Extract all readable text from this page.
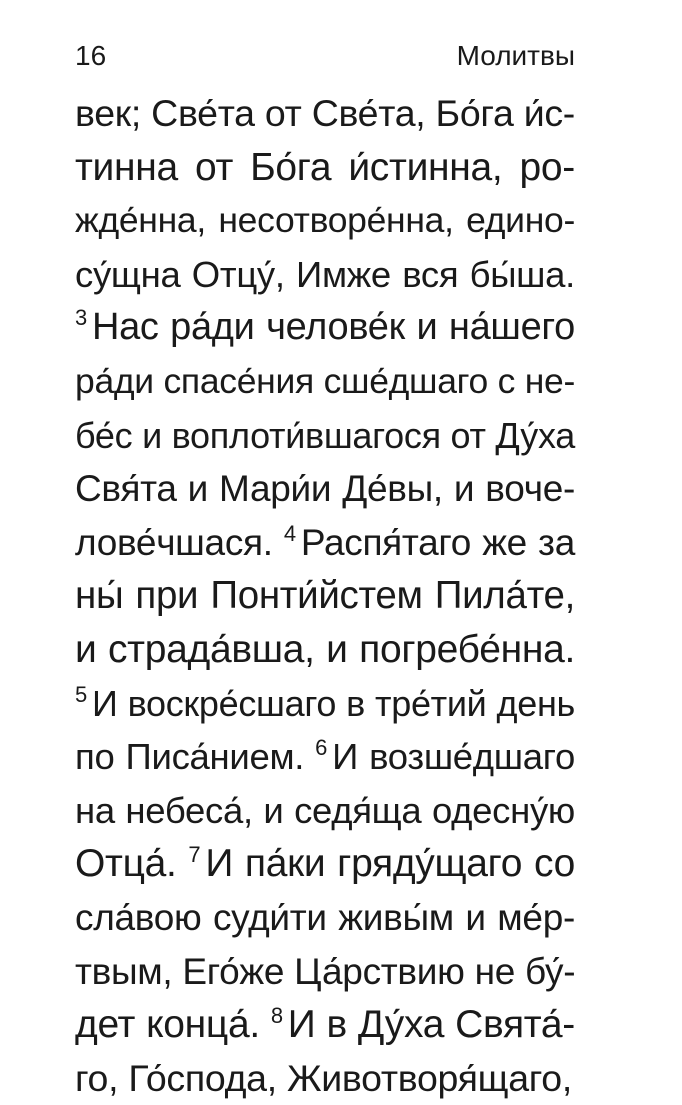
16	Молитвы
век; Све́та от Све́та, Бо́га и́с-
тинна от Бо́га и́стинна, ро-
жде́нна, несотворе́нна, едино-
су́щна Отцу́, Имже вся бы́ша.
$^3$ Нас ра́ди челове́к и на́шего
ра́ди спасе́ния сше́дшаго с не-
бе́с и воплоти́вшагося от Ду́ха
Свя́та и Мари́и Де́вы, и воче-
лове́чшася. $^4$ Распя́таго же за
ны́ при Понти́йстем Пила́те,
и страда́вша, и погребе́нна.
$^5$ И воскре́сшаго в тре́тий день
по Писа́нием. $^6$ И возше́дшаго
на небеса́, и седя́ща одесну́ю
Отца́. $^7$ И па́ки гряду́щаго со
сла́вою суди́ти живы́м и ме́р-
твым, Его́же Ца́рствию не бу́-
дет конца́. $^8$ И в Ду́ха Свята́-
го, Го́спода, Животворя́щаго,
